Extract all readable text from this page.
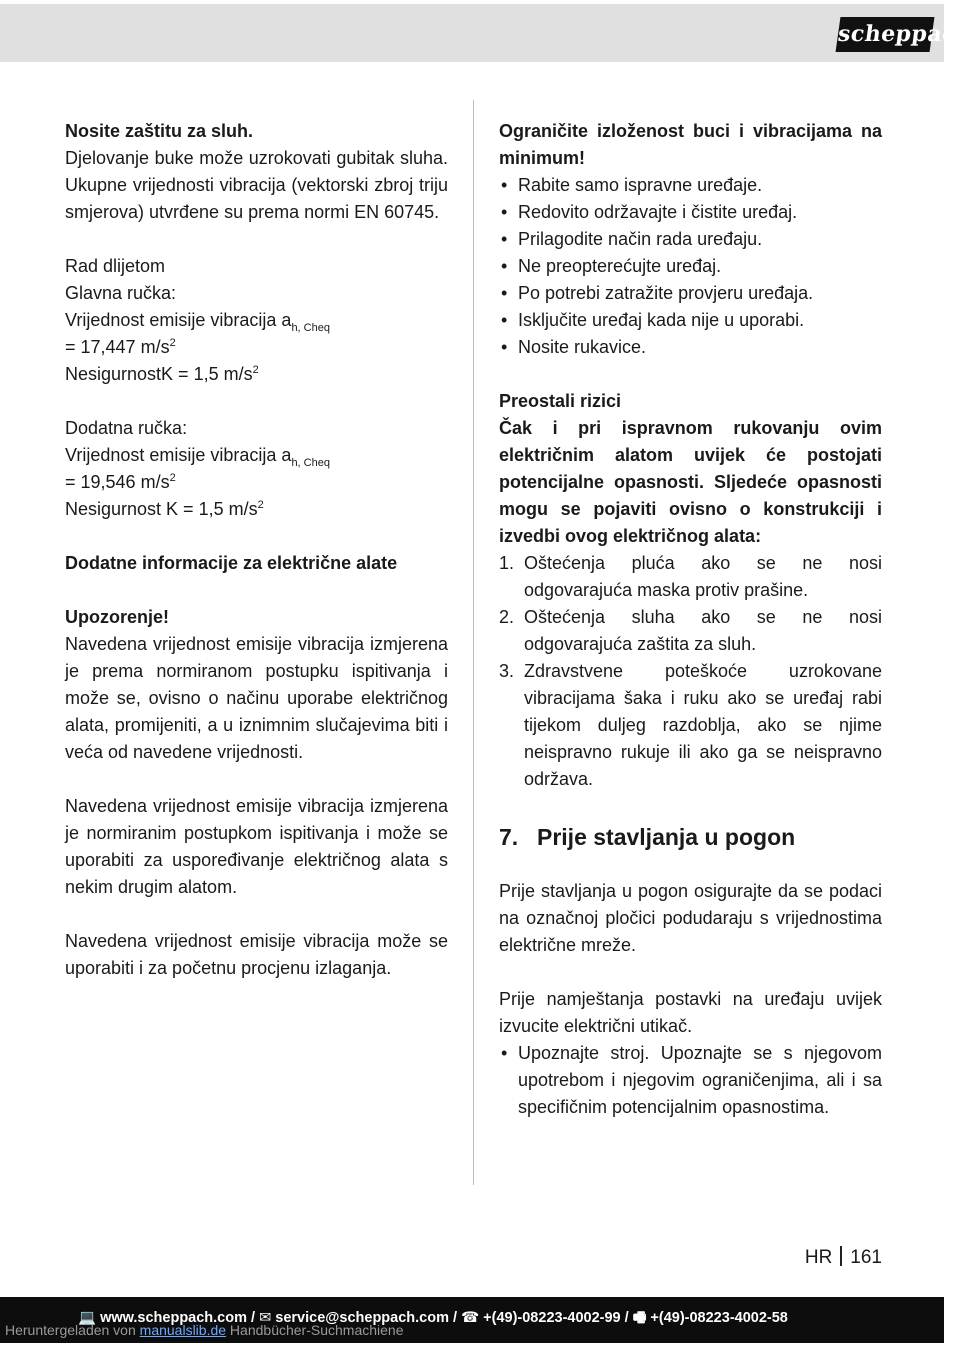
scheppach

Nosite zaštitu za sluh.

Djelovanje buke može uzrokovati gubitak sluha. Ukupne vrijednosti vibracija (vektorski zbroj triju smjerova) utvrđene su prema normi EN 60745.

Rad dlijetom

Glavna ručka:

Vrijednost emisije vibracija $a_{h, Cheq}$

= 17,447 $m/s^2$

NesigurnostK = 1,5 $m/s^2$

Dodatna ručka:

Vrijednost emisije vibracija $a_{h, Cheq}$

= 19,546 $m/s^2$

Nesigurnost K = 1,5 $m/s^2$

Dodatne informacije za električne alate

Upozorenje!

Navedena vrijednost emisije vibracija izmjerena je prema normiranom postupku ispitivanja i može se, ovisno o načinu uporabe električnog alata, promijeniti, a u iznimnim slučajevima biti i veća od navedene vrijednosti.

Navedena vrijednost emisije vibracija izmjerena je normiranim postupkom ispitivanja i može se uporabiti za uspoređivanje električnog alata s nekim drugim alatom.

Navedena vrijednost emisije vibracija može se uporabiti i za početnu procjenu izlaganja.

Ograničite izloženost buci i vibracijama na minimum!

• Rabite samo ispravne uređaje.
• Redovito održavajte i čistite uređaj.
• Prilagodite način rada uređaju.
• Ne preopterećujte uređaj.
• Po potrebi zatražite provjeru uređaja.
• Isključite uređaj kada nije u uporabi.
• Nosite rukavice.

Preostali rizici

Čak i pri ispravnom rukovanju ovim električnim alatom uvijek će postojati potencijalne opasnosti. Sljedeće opasnosti mogu se pojaviti ovisno o konstrukciji i izvedbi ovog električnog alata:

1. Oštećenja pluća ako se ne nosi odgovarajuća maska protiv prašine.
2. Oštećenja sluha ako se ne nosi odgovarajuća zaštita za sluh.
3. Zdravstvene poteškoće uzrokovane vibracijama šaka i ruku ako se uređaj rabi tijekom duljeg razdoblja, ako se njime neispravno rukuje ili ako ga se neispravno održava.
7. Prije stavljanja u pogon

Prije stavljanja u pogon osigurajte da se podaci na označnoj pločici podudaraju s vrijednostima električne mreže.

Prije namještanja postavki na uređaju uvijek izvucite električni utikač.

• Upoznajte stroj. Upoznajte se s njegovom upotrebom i njegovim ograničenjima, ali i sa specifičnim potencijalnim opasnostima.
HR 161
💻 www.scheppach.com / ✉ service@scheppach.com / ☎ +(49)-08223-4002-99 / 🖷 +(49)-08223-4002-58
Heruntergeladen von manualslib.de Handbücher-Suchmachiene
